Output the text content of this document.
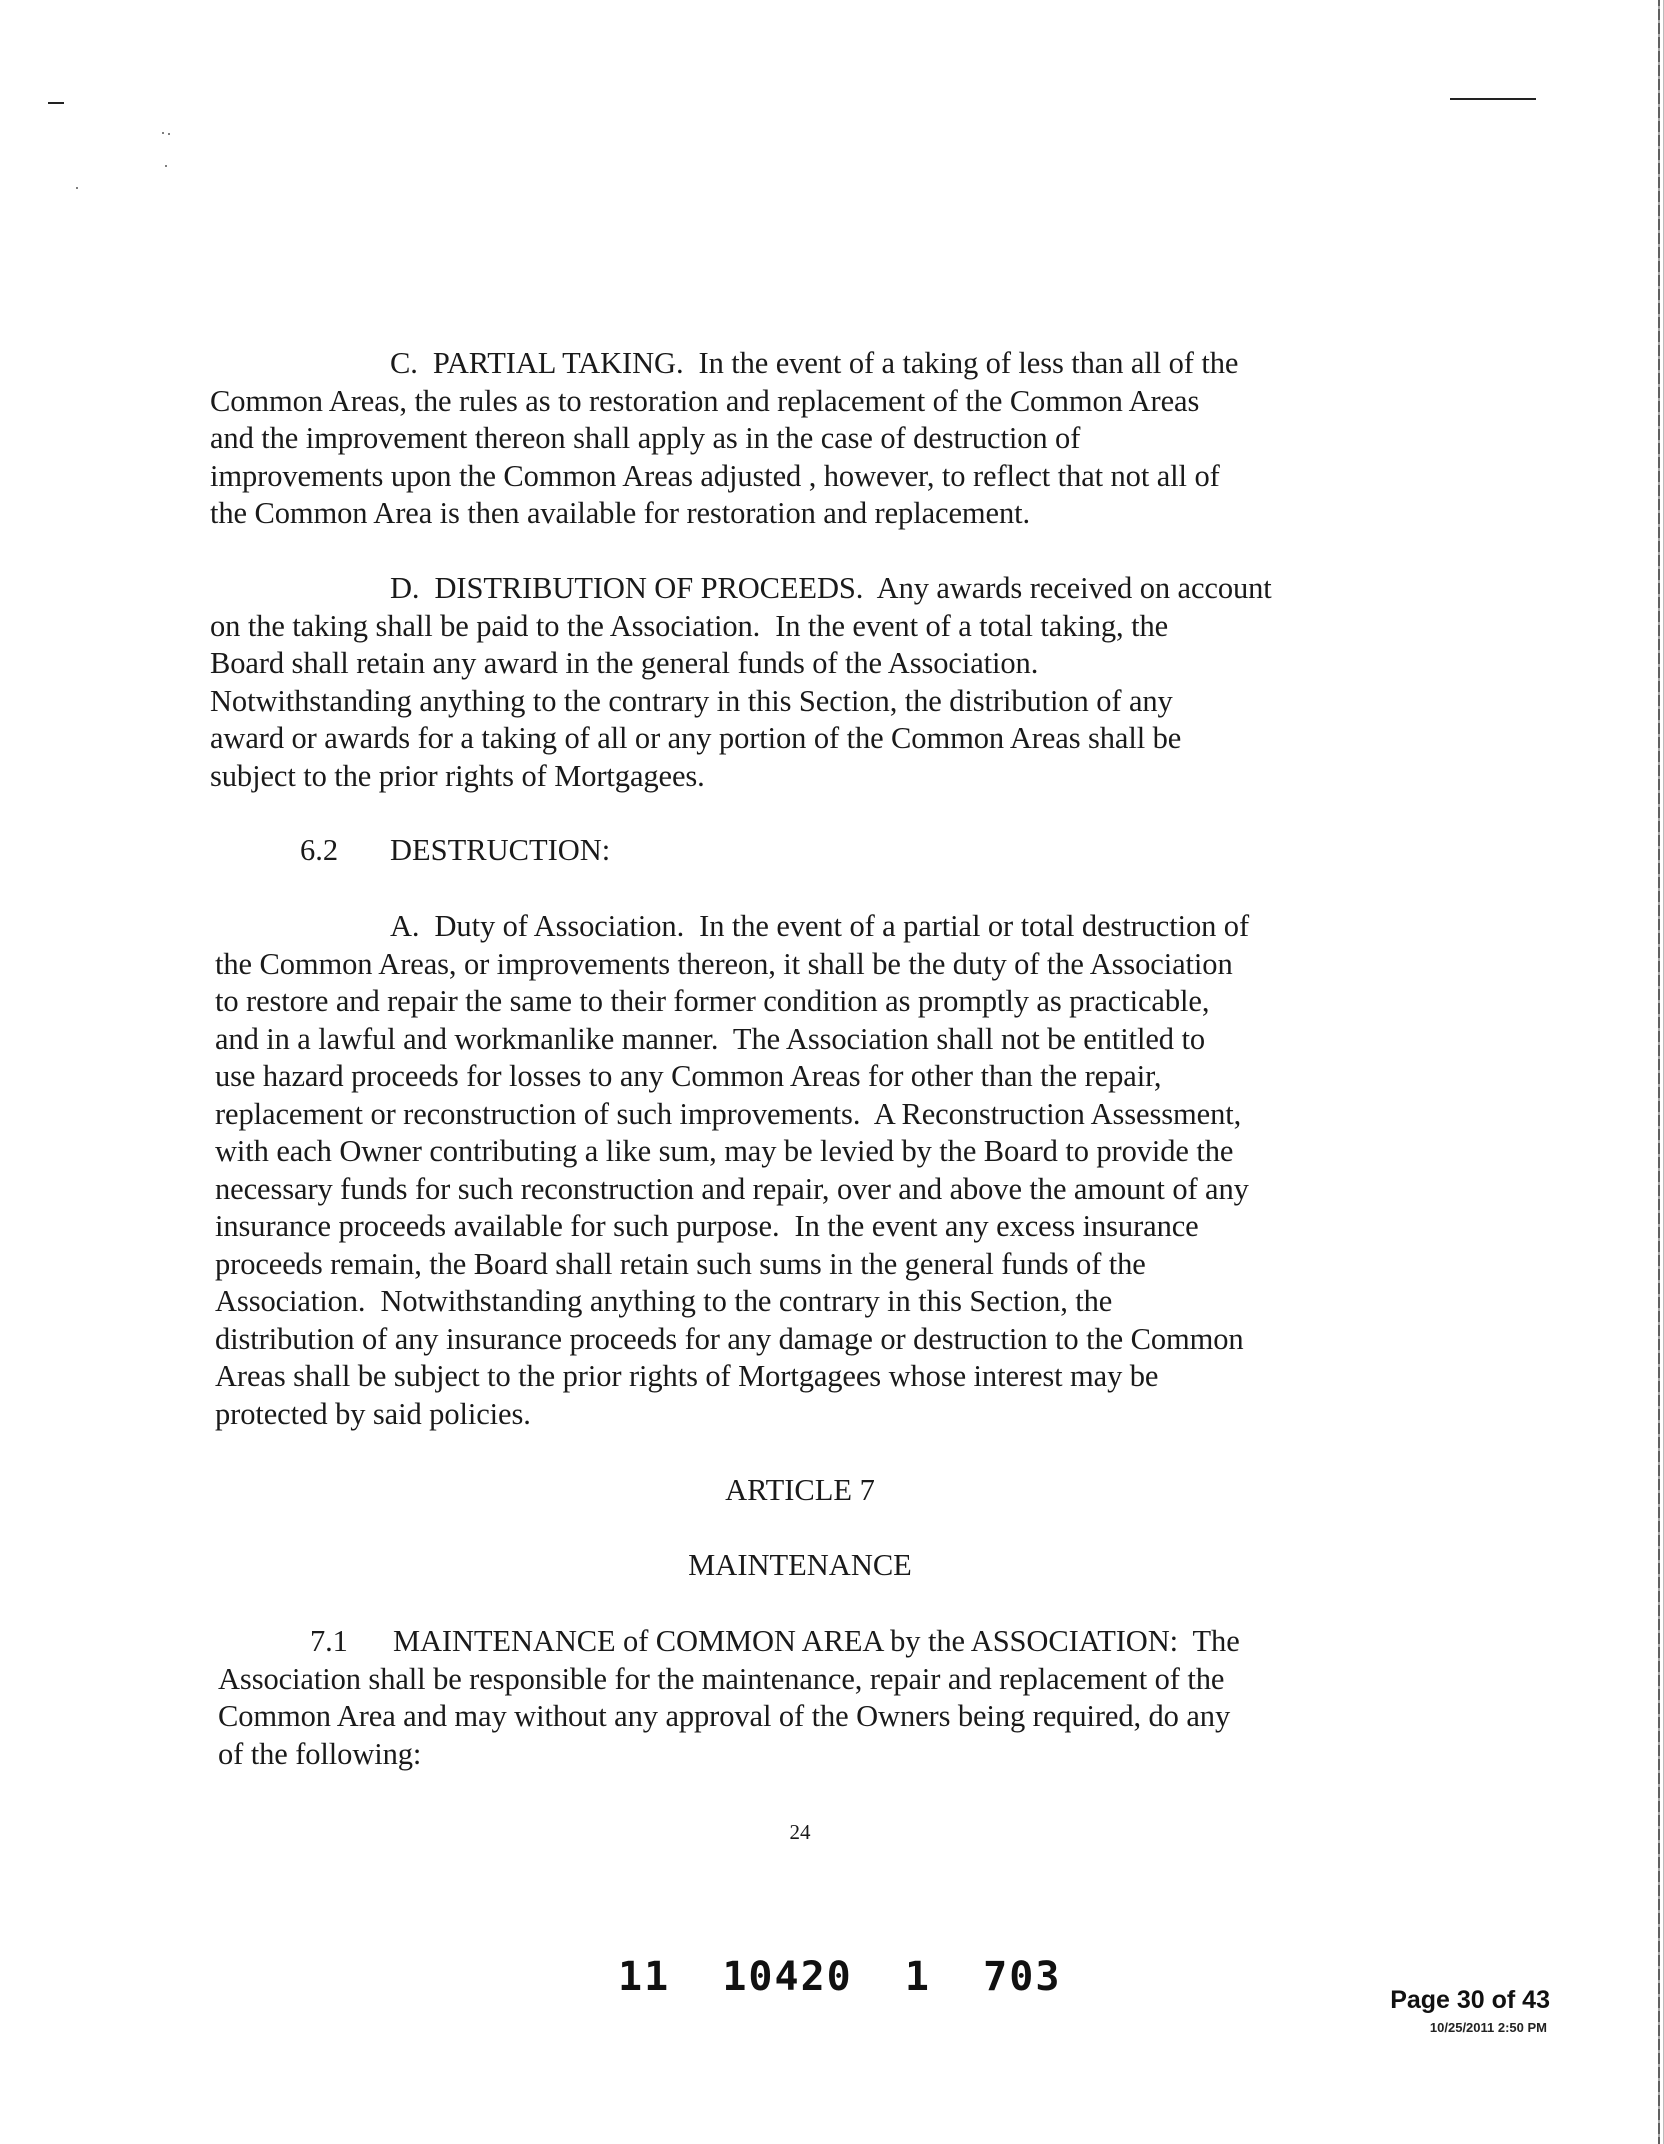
C.  PARTIAL TAKING.  In the event of a taking of less than all of the
Common Areas, the rules as to restoration and replacement of the Common Areas
and the improvement thereon shall apply as in the case of destruction of
improvements upon the Common Areas adjusted , however, to reflect that not all of
the Common Area is then available for restoration and replacement.
D.  DISTRIBUTION OF PROCEEDS.  Any awards received on account
on the taking shall be paid to the Association.  In the event of a total taking, the
Board shall retain any award in the general funds of the Association.
Notwithstanding anything to the contrary in this Section, the distribution of any
award or awards for a taking of all or any portion of the Common Areas shall be
subject to the prior rights of Mortgagees.
6.2 DESTRUCTION:
A.  Duty of Association.  In the event of a partial or total destruction of
the Common Areas, or improvements thereon, it shall be the duty of the Association
to restore and repair the same to their former condition as promptly as practicable,
and in a lawful and workmanlike manner.  The Association shall not be entitled to
use hazard proceeds for losses to any Common Areas for other than the repair,
replacement or reconstruction of such improvements.  A Reconstruction Assessment,
with each Owner contributing a like sum, may be levied by the Board to provide the
necessary funds for such reconstruction and repair, over and above the amount of any
insurance proceeds available for such purpose.  In the event any excess insurance
proceeds remain, the Board shall retain such sums in the general funds of the
Association.  Notwithstanding anything to the contrary in this Section, the
distribution of any insurance proceeds for any damage or destruction to the Common
Areas shall be subject to the prior rights of Mortgagees whose interest may be
protected by said policies.
ARTICLE 7
MAINTENANCE
7.1      MAINTENANCE of COMMON AREA by the ASSOCIATION:  The
Association shall be responsible for the maintenance, repair and replacement of the
Common Area and may without any approval of the Owners being required, do any
of the following:
24
11  10420  1  703	Page 30 of 43
10/25/2011 2:50 PM
